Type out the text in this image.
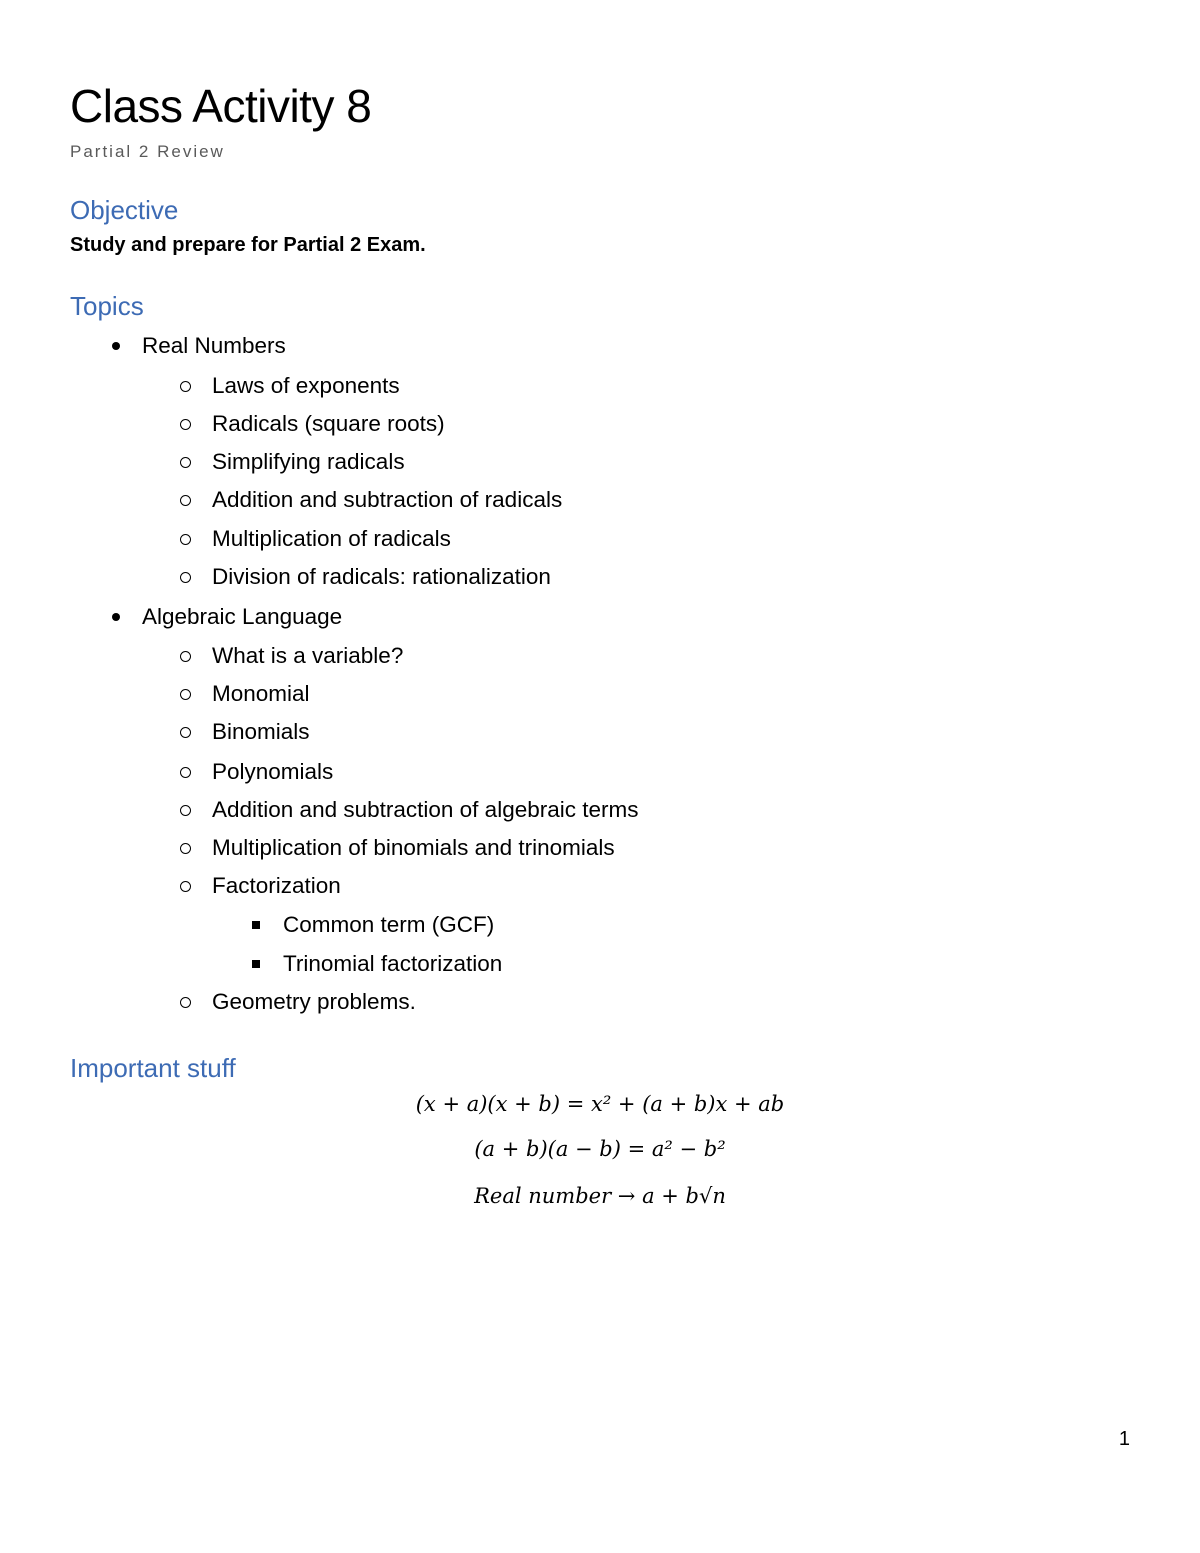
Class Activity 8
Partial 2 Review
Objective
Study and prepare for Partial 2 Exam.
Topics
Real Numbers
Laws of exponents
Radicals (square roots)
Simplifying radicals
Addition and subtraction of radicals
Multiplication of radicals
Division of radicals: rationalization
Algebraic Language
What is a variable?
Monomial
Binomials
Polynomials
Addition and subtraction of algebraic terms
Multiplication of binomials and trinomials
Factorization
Common term (GCF)
Trinomial factorization
Geometry problems.
Important stuff
(x + a)(x + b) = x² + (a + b)x + ab
(a + b)(a − b) = a² − b²
Real number → a + b√n
1
